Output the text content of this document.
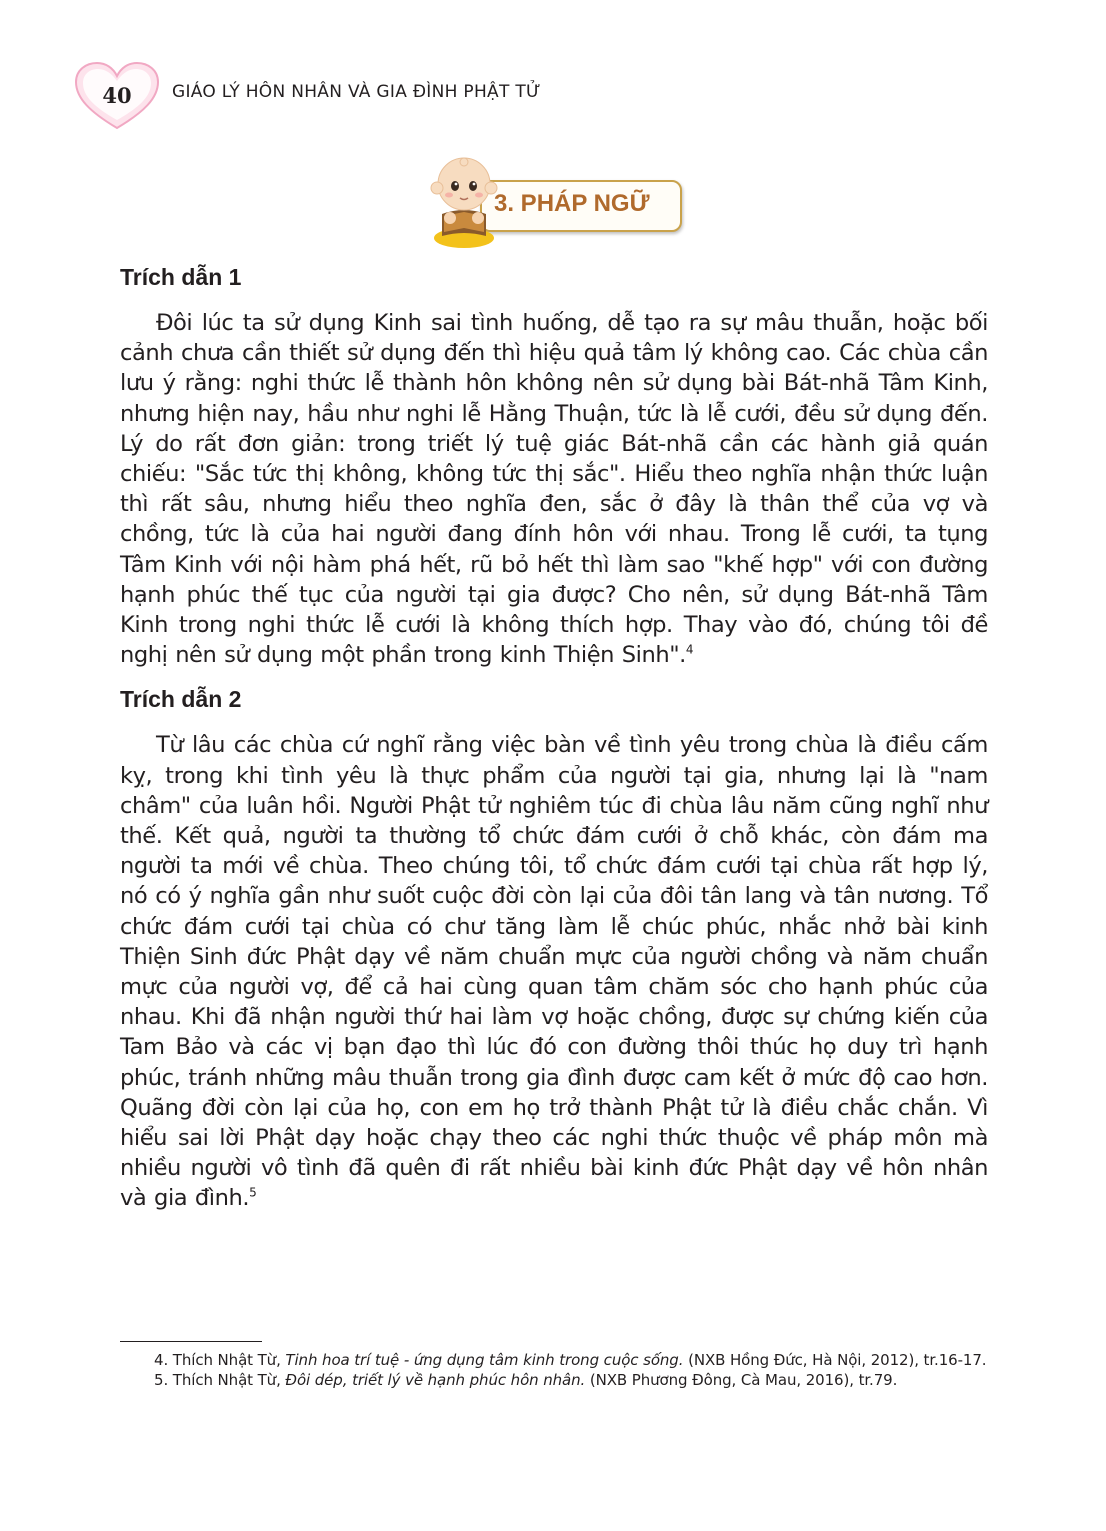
40	GIÁO LÝ HÔN NHÂN VÀ GIA ĐÌNH PHẬT TỬ
3. PHÁP NGỮ
Trích dẫn 1

Đôi lúc ta sử dụng Kinh sai tình huống, dễ tạo ra sự mâu thuẫn, hoặc bối cảnh chưa cần thiết sử dụng đến thì hiệu quả tâm lý không cao. Các chùa cần lưu ý rằng: nghi thức lễ thành hôn không nên sử dụng bài Bát-nhã Tâm Kinh, nhưng hiện nay, hầu như nghi lễ Hằng Thuận, tức là lễ cưới, đều sử dụng đến. Lý do rất đơn giản: trong triết lý tuệ giác Bát-nhã cần các hành giả quán chiếu: "Sắc tức thị không, không tức thị sắc". Hiểu theo nghĩa nhận thức luận thì rất sâu, nhưng hiểu theo nghĩa đen, sắc ở đây là thân thể của vợ và chồng, tức là của hai người đang đính hôn với nhau. Trong lễ cưới, ta tụng Tâm Kinh với nội hàm phá hết, rũ bỏ hết thì làm sao "khế hợp" với con đường hạnh phúc thế tục của người tại gia được? Cho nên, sử dụng Bát-nhã Tâm Kinh trong nghi thức lễ cưới là không thích hợp. Thay vào đó, chúng tôi đề nghị nên sử dụng một phần trong kinh Thiện Sinh".$^4$

Trích dẫn 2

Từ lâu các chùa cứ nghĩ rằng việc bàn về tình yêu trong chùa là điều cấm kỵ, trong khi tình yêu là thực phẩm của người tại gia, nhưng lại là "nam châm" của luân hồi. Người Phật tử nghiêm túc đi chùa lâu năm cũng nghĩ như thế. Kết quả, người ta thường tổ chức đám cưới ở chỗ khác, còn đám ma người ta mới về chùa. Theo chúng tôi, tổ chức đám cưới tại chùa rất hợp lý, nó có ý nghĩa gần như suốt cuộc đời còn lại của đôi tân lang và tân nương. Tổ chức đám cưới tại chùa có chư tăng làm lễ chúc phúc, nhắc nhở bài kinh Thiện Sinh đức Phật dạy về năm chuẩn mực của người chồng và năm chuẩn mực của người vợ, để cả hai cùng quan tâm chăm sóc cho hạnh phúc của nhau. Khi đã nhận người thứ hai làm vợ hoặc chồng, được sự chứng kiến của Tam Bảo và các vị bạn đạo thì lúc đó con đường thôi thúc họ duy trì hạnh phúc, tránh những mâu thuẫn trong gia đình được cam kết ở mức độ cao hơn. Quãng đời còn lại của họ, con em họ trở thành Phật tử là điều chắc chắn. Vì hiểu sai lời Phật dạy hoặc chạy theo các nghi thức thuộc về pháp môn mà nhiều người vô tình đã quên đi rất nhiều bài kinh đức Phật dạy về hôn nhân và gia đình.$^5$

4. Thích Nhật Từ, Tinh hoa trí tuệ - ứng dụng tâm kinh trong cuộc sống. (NXB Hồng Đức, Hà Nội, 2012), tr.16-17.

5. Thích Nhật Từ, Đôi dép, triết lý về hạnh phúc hôn nhân. (NXB Phương Đông, Cà Mau, 2016), tr.79.
